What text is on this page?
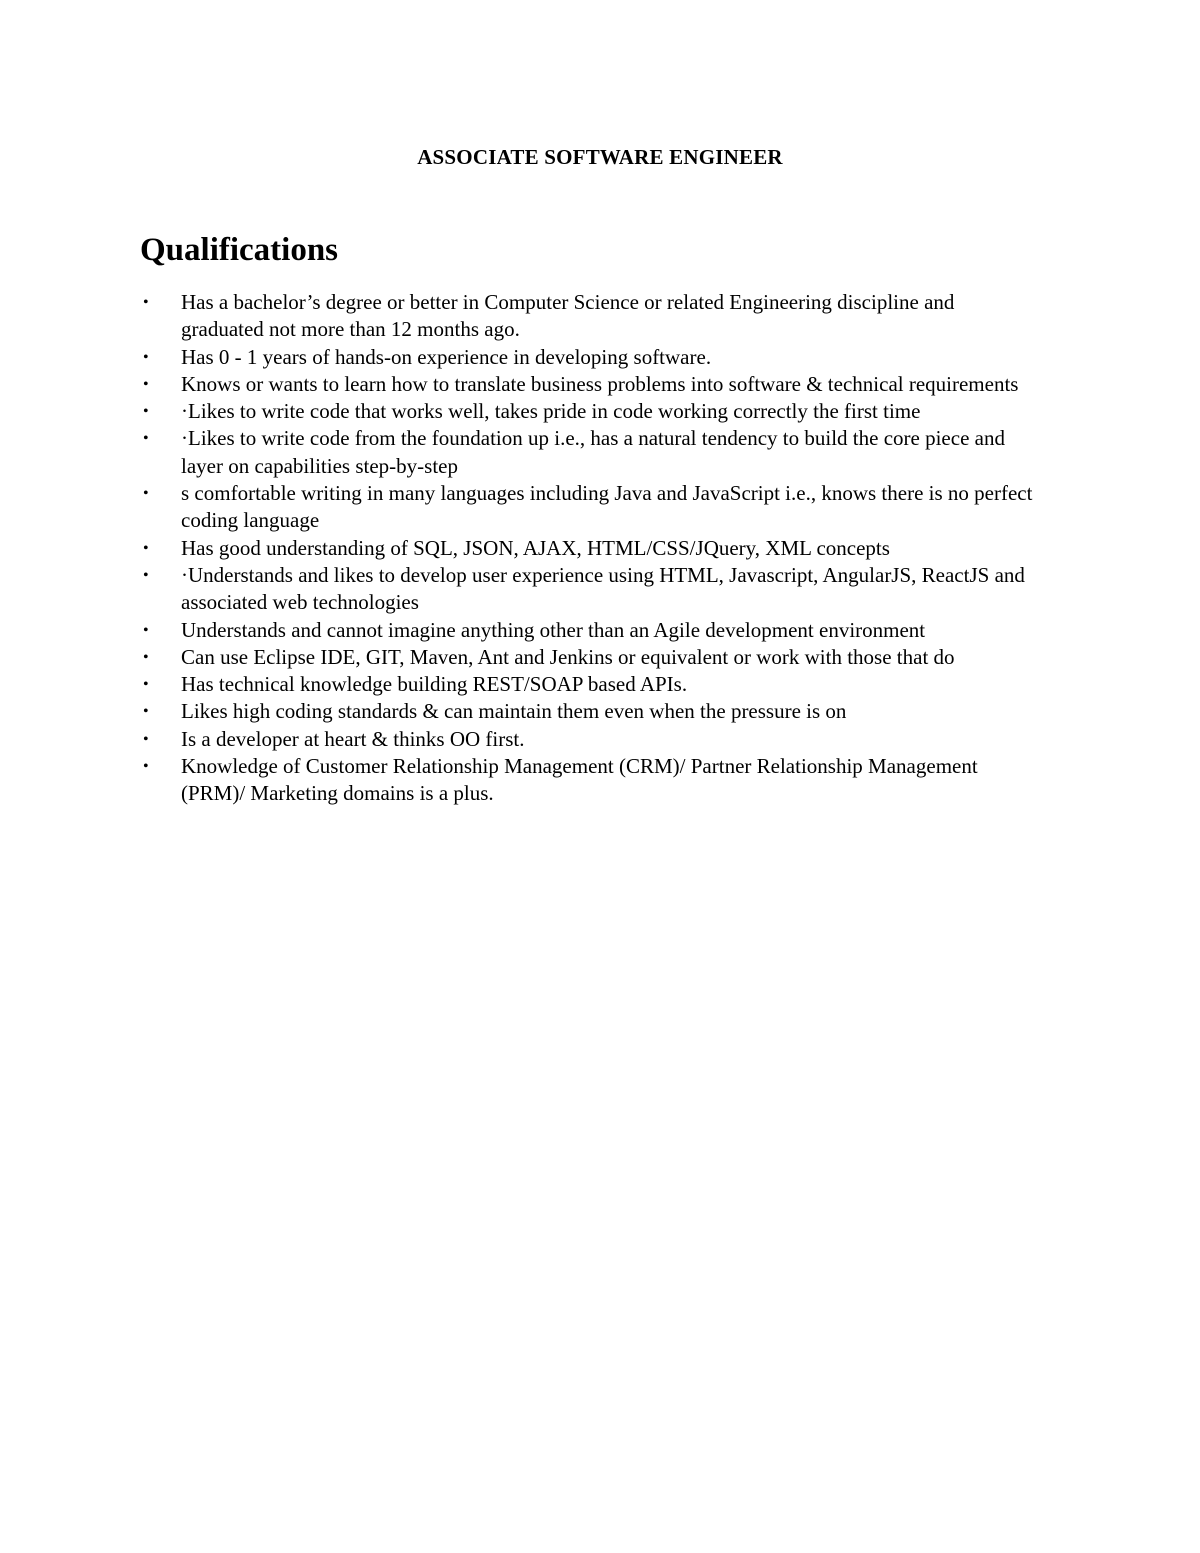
ASSOCIATE SOFTWARE ENGINEER
Qualifications
• Has a bachelor’s degree or better in Computer Science or related Engineering discipline and graduated not more than 12 months ago.
• Has 0 - 1 years of hands-on experience in developing software.
• Knows or wants to learn how to translate business problems into software & technical requirements
• ·Likes to write code that works well, takes pride in code working correctly the first time
• ·Likes to write code from the foundation up i.e., has a natural tendency to build the core piece and layer on capabilities step-by-step
• s comfortable writing in many languages including Java and JavaScript i.e., knows there is no perfect coding language
• Has good understanding of SQL, JSON, AJAX, HTML/CSS/JQuery, XML concepts
• ·Understands and likes to develop user experience using HTML, Javascript, AngularJS, ReactJS and associated web technologies
• Understands and cannot imagine anything other than an Agile development environment
• Can use Eclipse IDE, GIT, Maven, Ant and Jenkins or equivalent or work with those that do
• Has technical knowledge building REST/SOAP based APIs.
• Likes high coding standards & can maintain them even when the pressure is on
• Is a developer at heart & thinks OO first.
• Knowledge of Customer Relationship Management (CRM)/ Partner Relationship Management (PRM)/ Marketing domains is a plus.
